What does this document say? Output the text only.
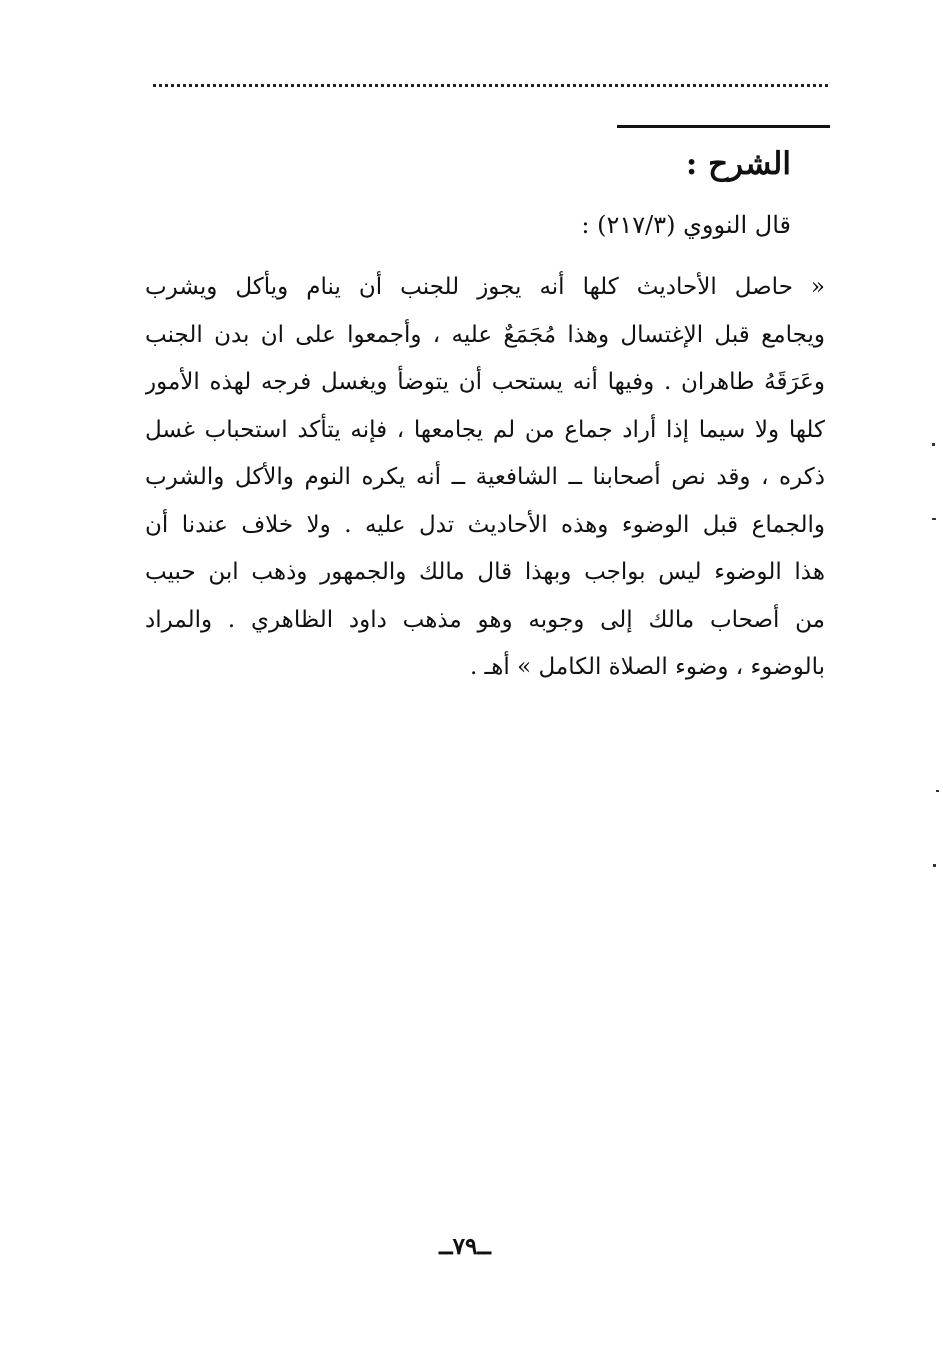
الشرح :
قال النووي (٢١٧/٣) :
« حاصل الأحاديث كلها أنه يجوز للجنب أن ينام ويأكل ويشرب
ويجامع قبل الإغتسال وهذا مُجَمَعٌ عليه ، وأجمعوا على ان بدن الجنب
وعَرَقَهُ طاهران . وفيها أنه يستحب أن يتوضأ ويغسل فرجه لهذه الأمور
كلها ولا سيما إذا أراد جماع من لم يجامعها ، فإنه يتأكد استحباب غسل
ذكره ، وقد نص أصحابنا ــ الشافعية ــ أنه يكره النوم والأكل والشرب
والجماع قبل الوضوء وهذه الأحاديث تدل عليه . ولا خلاف عندنا أن
هذا الوضوء ليس بواجب وبهذا قال مالك والجمهور وذهب ابن حبيب
من أصحاب مالك إلى وجوبه وهو مذهب داود الظاهري . والمراد
بالوضوء ، وضوء الصلاة الكامل » أهـ .
ــ٧٩ــ
